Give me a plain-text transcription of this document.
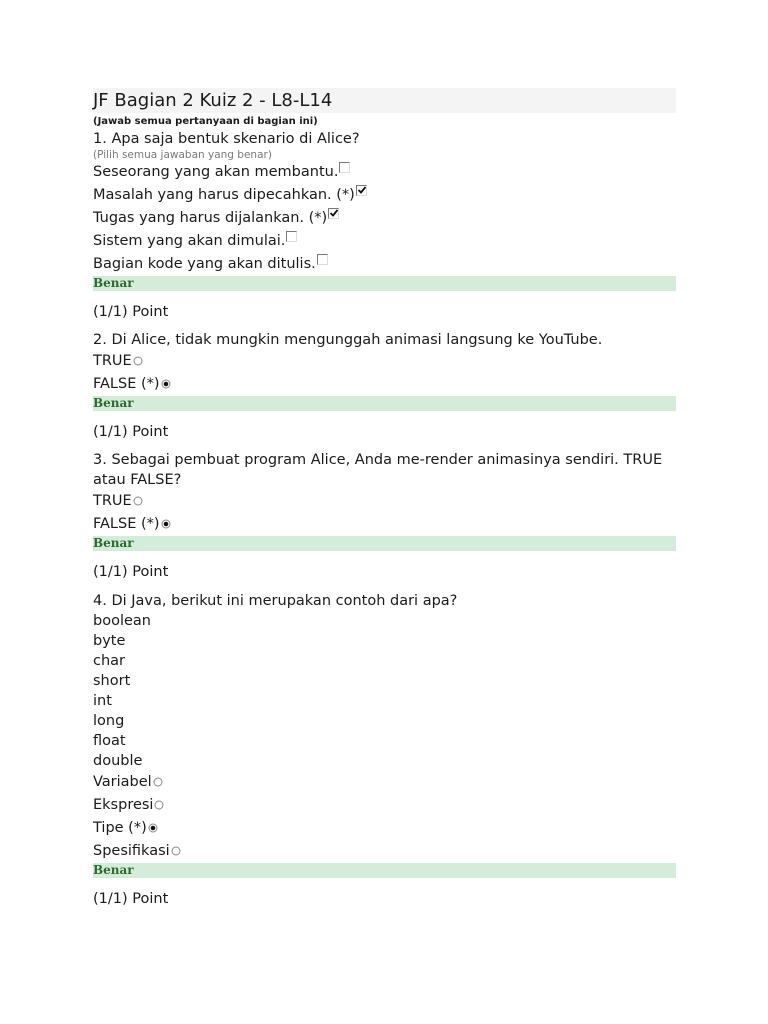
JF Bagian 2 Kuiz 2 - L8-L14
(Jawab semua pertanyaan di bagian ini)
1. Apa saja bentuk skenario di Alice?
(Pilih semua jawaban yang benar)
Seseorang yang akan membantu.
Masalah yang harus dipecahkan. (*)
Tugas yang harus dijalankan. (*)
Sistem yang akan dimulai.
Bagian kode yang akan ditulis.
Benar
(1/1) Point
2. Di Alice, tidak mungkin mengunggah animasi langsung ke YouTube.
TRUE
FALSE (*)
Benar
(1/1) Point
3. Sebagai pembuat program Alice, Anda me-render animasinya sendiri. TRUE
atau FALSE?
TRUE
FALSE (*)
Benar
(1/1) Point
4. Di Java, berikut ini merupakan contoh dari apa?
boolean
byte
char
short
int
long
float
double
Variabel
Ekspresi
Tipe (*)
Spesifikasi
Benar
(1/1) Point
